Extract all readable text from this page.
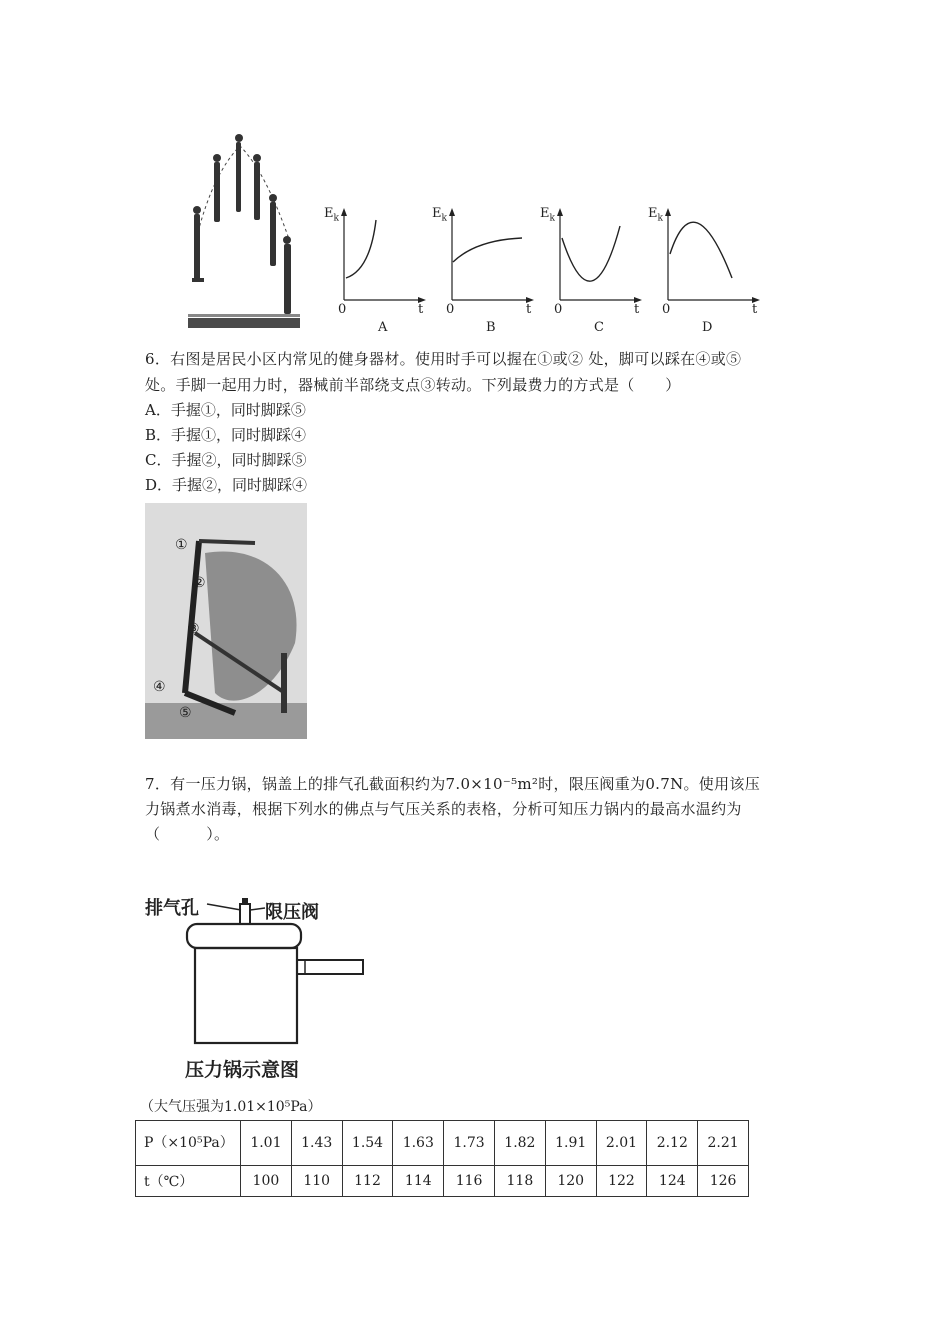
$E_k$
0	t
A
$E_k$
0	t
B
$E_k$
0	t
C
$E_k$
0	t
D
6．右图是居民小区内常见的健身器材。使用时手可以握在①或② 处，脚可以踩在④或⑤
处。手脚一起用力时，器械前半部绕支点③转动。下列最费力的方式是（　　）
A．手握①，同时脚踩⑤
B．手握①，同时脚踩④
C．手握②，同时脚踩⑤
D．手握②，同时脚踩④
①
②
③
④
⑤
7．有一压力锅，锅盖上的排气孔截面积约为7.0×10⁻⁵m²时，限压阀重为0.7N。使用该压
力锅煮水消毒，根据下列水的佛点与气压关系的表格，分析可知压力锅内的最高水温约为
（　　　）。
排气孔	限压阀
压力锅示意图
（大气压强为1.01×10⁵Pa）
P（×10⁵Pa）	1.01	1.43	1.54	1.63	1.73	1.82	1.91	2.01	2.12	2.21
t（℃）	100	110	112	114	116	118	120	122	124	126
